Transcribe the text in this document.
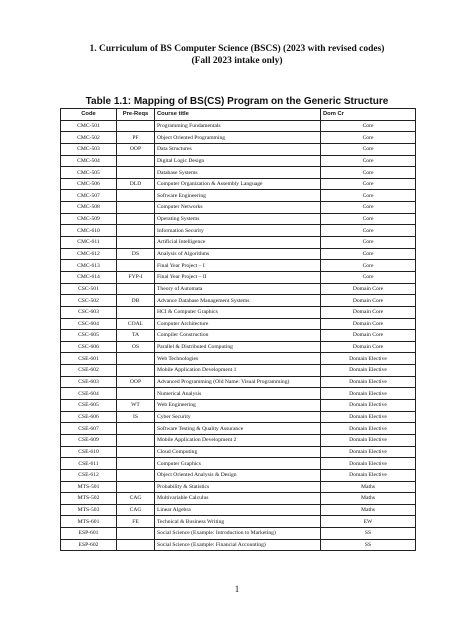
1. Curriculum of BS Computer Science (BSCS) (2023 with revised codes)
(Fall 2023 intake only)
Table 1.1: Mapping of BS(CS) Program on the Generic Structure
Code	Pre-Reqs	Course title	Dom Cr
CMC-501		Programming Fundamentals	Core
CMC-502	PF	Object Oriented Programming	Core
CMC-503	OOP	Data Structures	Core
CMC-504		Digital Logic Design	Core
CMC-505		Database Systems	Core
CMC-506	DLD	Computer Organization & Assembly Language	Core
CMC-507		Software Engineering	Core
CMC-508		Computer Networks	Core
CMC-509		Operating Systems	Core
CMC-610		Information Security	Core
CMC-611		Artificial Intelligence	Core
CMC-612	DS	Analysis of Algorithms	Core
CMC-613		Final Year Project – I	Core
CMC-614	FYP-I	Final Year Project – II	Core
CSC-501		Theory of Automata	Domain Core
CSC-502	DB	Advance Database Management Systems	Domain Core
CSC-603		HCI & Computer Graphics	Domain Core
CSC-604	COAL	Computer Architecture	Domain Core
CSC-605	TA	Compiler Construction	Domain Core
CSC-606	OS	Parallel & Distributed Computing	Domain Core
CSE-601		Web Technologies	Domain Elective
CSE-602		Mobile Application Development 1	Domain Elective
CSE-603	OOP	Advanced Programming (Old Name: Visual Programming)	Domain Elective
CSE-604		Numerical Analysis	Domain Elective
CSE-605	WT	Web Engineering	Domain Elective
CSE-606	IS	Cyber Security	Domain Elective
CSE-607		Software Testing & Quality Assurance	Domain Elective
CSE-609		Mobile Application Development 2	Domain Elective
CSE-610		Cloud Computing	Domain Elective
CSE-611		Computer Graphics	Domain Elective
CSE-612		Object Oriented Analysis & Design	Domain Elective
MTS-501		Probability & Statistics	Maths
MTS-502	CAG	Multivariable Calculus	Maths
MTS-503	CAG	Linear Algebra	Maths
MTS-601	FE	Technical & Business Writing	EW
ESP-601		Social Science (Example: Introduction to Marketing)	SS
ESP-602		Social Science (Example: Financial Accounting)	SS
1
